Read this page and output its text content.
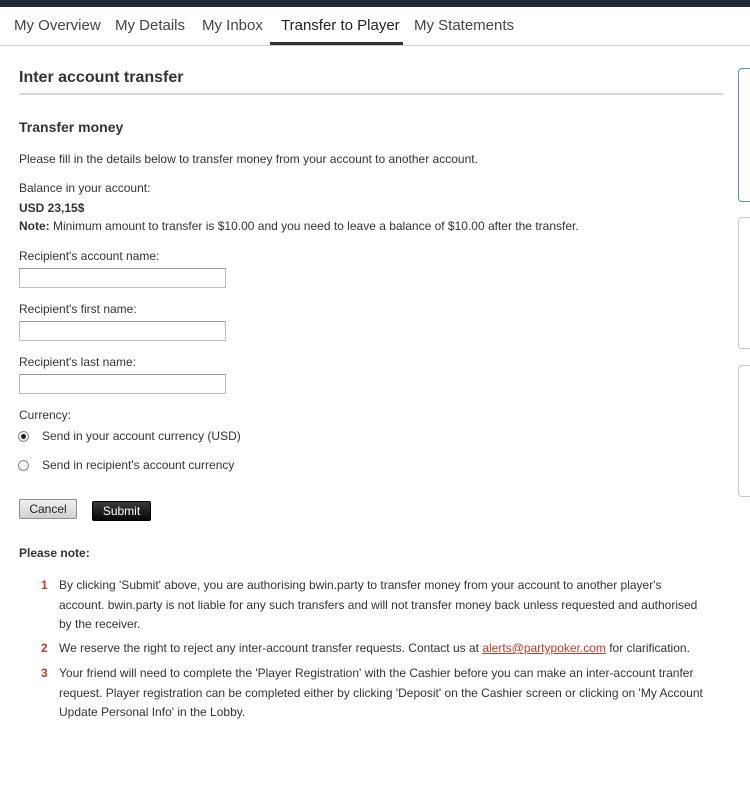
My Overview My Details My Inbox Transfer to Player My Statements
Inter account transfer
Transfer money
Please fill in the details below to transfer money from your account to another account.
Balance in your account:
USD 23,15$
Note: Minimum amount to transfer is $10.00 and you need to leave a balance of $10.00 after the transfer.
Recipient's account name:
Recipient's first name:
Recipient's last name:
Currency:
Send in your account currency (USD)
Send in recipient's account currency
Cancel	Submit
Please note:
1 By clicking 'Submit' above, you are authorising bwin.party to transfer money from your account to another player's account. bwin.party is not liable for any such transfers and will not transfer money back unless requested and authorised by the receiver.
2 We reserve the right to reject any inter-account transfer requests. Contact us at alerts@partypoker.com for clarification.
3 Your friend will need to complete the 'Player Registration' with the Cashier before you can make an inter-account tranfer request. Player registration can be completed either by clicking 'Deposit' on the Cashier screen or clicking on 'My Account Update Personal Info' in the Lobby.
